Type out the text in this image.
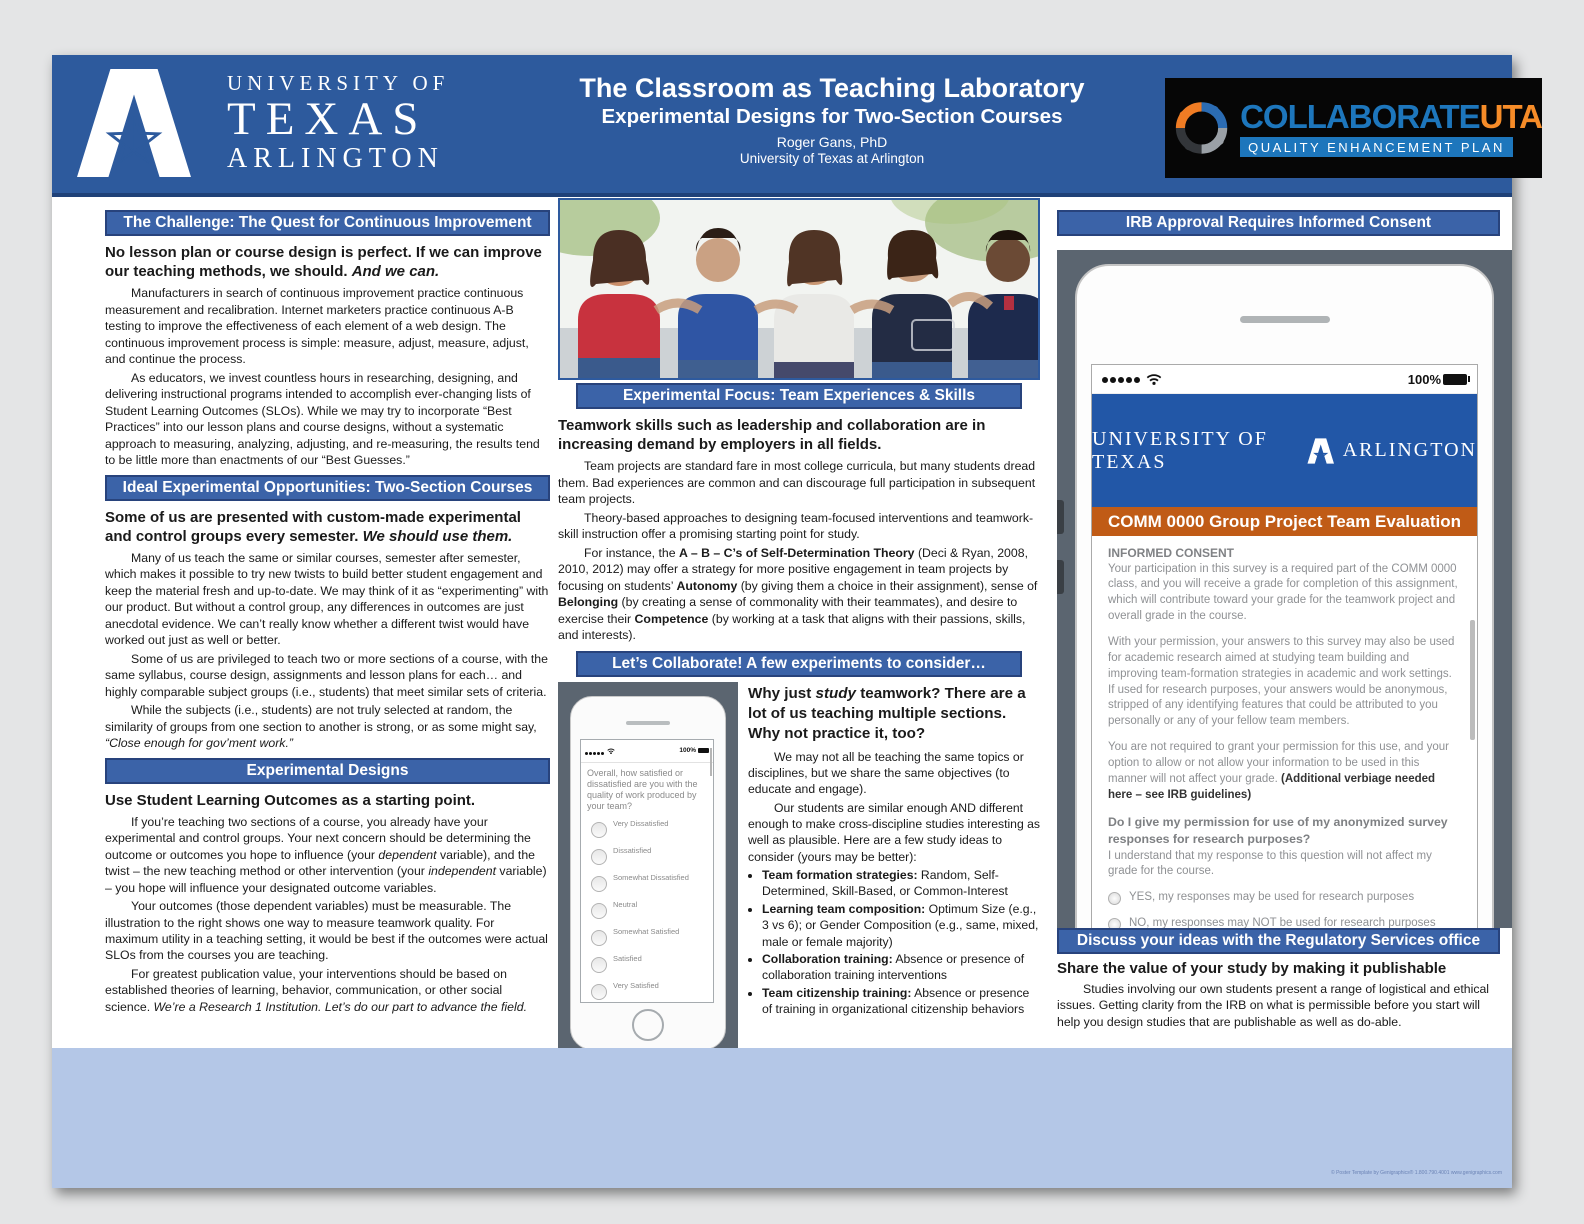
UNIVERSITY OF
TEXAS
ARLINGTON
The Classroom as Teaching Laboratory
Experimental Designs for Two-Section Courses
Roger Gans, PhD
University of Texas at Arlington
COLLABORATEUTA
QUALITY ENHANCEMENT PLAN
The Challenge: The Quest for Continuous Improvement
No lesson plan or course design is perfect. If we can improve our teaching methods, we should. And we can.

Manufacturers in search of continuous improvement practice continuous measurement and recalibration. Internet marketers practice continuous A-B testing to improve the effectiveness of each element of a web design. The continuous improvement process is simple: measure, adjust, measure, adjust, and continue the process.

As educators, we invest countless hours in researching, designing, and delivering instructional programs intended to accomplish ever-changing lists of Student Learning Outcomes (SLOs). While we may try to incorporate “Best Practices” into our lesson plans and course designs, without a systematic approach to measuring, analyzing, adjusting, and re-measuring, the results tend to be little more than enactments of our “Best Guesses.”

Ideal Experimental Opportunities: Two-Section Courses
Some of us are presented with custom-made experimental and control groups every semester. We should use them.

Many of us teach the same or similar courses, semester after semester, which makes it possible to try new twists to build better student engagement and keep the material fresh and up-to-date. We may think of it as “experimenting” with our product. But without a control group, any differences in outcomes are just anecdotal evidence. We can’t really know whether a different twist would have worked out just as well or better.

Some of us are privileged to teach two or more sections of a course, with the same syllabus, course design, assignments and lesson plans for each… and highly comparable subject groups (i.e., students) that meet similar sets of criteria.

While the subjects (i.e., students) are not truly selected at random, the similarity of groups from one section to another is strong, or as some might say, “Close enough for gov’ment work.”

Experimental Designs
Use Student Learning Outcomes as a starting point.

If you’re teaching two sections of a course, you already have your experimental and control groups. Your next concern should be determining the outcome or outcomes you hope to influence (your dependent variable), and the twist – the new teaching method or other intervention (your independent variable) – you hope will influence your designated outcome variables.

Your outcomes (those dependent variables) must be measurable. The illustration to the right shows one way to measure teamwork quality. For maximum utility in a teaching setting, it would be best if the outcomes were actual SLOs from the courses you are teaching.

For greatest publication value, your interventions should be based on established theories of learning, behavior, communication, or other social science. We’re a Research 1 Institution. Let’s do our part to advance the field.

Experimental Focus: Team Experiences & Skills
Teamwork skills such as leadership and collaboration are in increasing demand by employers in all fields.

Team projects are standard fare in most college curricula, but many students dread them. Bad experiences are common and can discourage full participation in subsequent team projects.

Theory-based approaches to designing team-focused interventions and teamwork-skill instruction offer a promising starting point for study.

For instance, the A – B – C’s of Self-Determination Theory (Deci & Ryan, 2008, 2010, 2012) may offer a strategy for more positive engagement in team projects by focusing on students’ Autonomy (by giving them a choice in their assignment), sense of Belonging (by creating a sense of commonality with their teammates), and desire to exercise their Competence (by working at a task that aligns with their passions, skills, and interests).

Let’s Collaborate! A few experiments to consider…
100%
Overall, how satisfied or dissatisfied are you with the quality of work produced by your team?
Very Dissatisfied
Dissatisfied
Somewhat Dissatisfied
Neutral
Somewhat Satisfied
Satisfied
Very Satisfied
Why just study teamwork? There are a lot of us teaching multiple sections. Why not practice it, too?

We may not all be teaching the same topics or disciplines, but we share the same objectives (to educate and engage).

Our students are similar enough AND different enough to make cross-discipline studies interesting as well as plausible. Here are a few study ideas to consider (yours may be better):

• Team formation strategies: Random, Self-Determined, Skill-Based, or Common-Interest
• Learning team composition: Optimum Size (e.g., 3 vs 6); or Gender Composition (e.g., same, mixed, male or female majority)
• Collaboration training: Absence or presence of collaboration training interventions
• Team citizenship training: Absence or presence of training in organizational citizenship behaviors
IRB Approval Requires Informed Consent
100%
UNIVERSITY OF TEXAS
ARLINGTON
COMM 0000 Group Project Team Evaluation
INFORMED CONSENT

Your participation in this survey is a required part of the COMM 0000 class, and you will receive a grade for completion of this assignment, which will contribute toward your grade for the teamwork project and overall grade in the course.

With your permission, your answers to this survey may also be used for academic research aimed at studying team building and improving team-formation strategies in academic and work settings. If used for research purposes, your answers would be anonymous, stripped of any identifying features that could be attributed to you personally or any of your fellow team members.

You are not required to grant your permission for this use, and your option to allow or not allow your information to be used in this manner will not affect your grade. (Additional verbiage needed here – see IRB guidelines)

Do I give my permission for use of my anonymized survey responses for research purposes?
I understand that my response to this question will not affect my grade for the course.
YES, my responses may be used for research purposes
NO, my responses may NOT be used for research purposes
Discuss your ideas with the Regulatory Services office
Share the value of your study by making it publishable

Studies involving our own students present a range of logistical and ethical issues. Getting clarity from the IRB on what is permissible before you start will help you design studies that are publishable as well as do-able.

© Poster Template by Genigraphics® 1.800.790.4001 www.genigraphics.com
